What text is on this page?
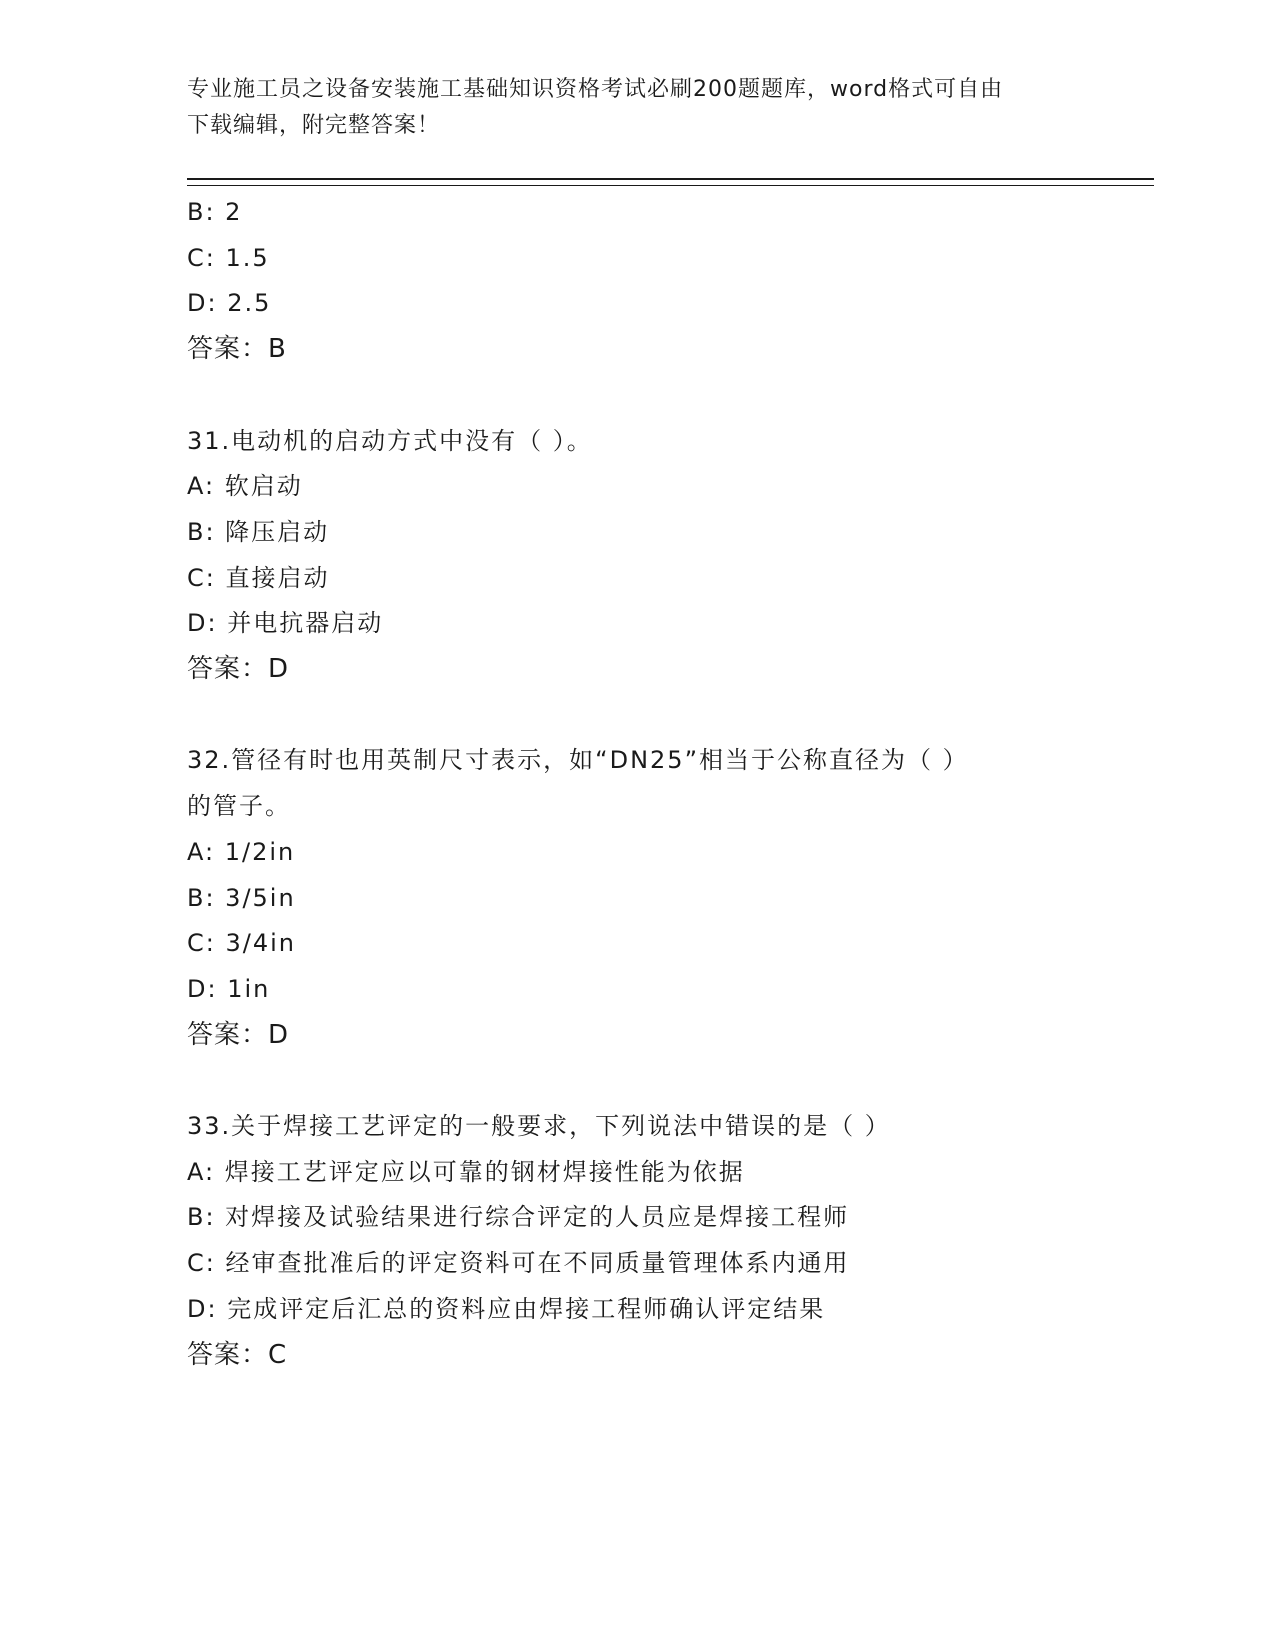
专业施工员之设备安装施工基础知识资格考试必刷200题题库，word格式可自由
下载编辑，附完整答案！
B: 2
C: 1.5
D: 2.5
答案：B
31.电动机的启动方式中没有（ ）。
A: 软启动
B: 降压启动
C: 直接启动
D: 并电抗器启动
答案：D
32.管径有时也用英制尺寸表示，如“DN25”相当于公称直径为（ ）
的管子。
A: 1/2in
B: 3/5in
C: 3/4in
D: 1in
答案：D
33.关于焊接工艺评定的一般要求，下列说法中错误的是（ ）
A: 焊接工艺评定应以可靠的钢材焊接性能为依据
B: 对焊接及试验结果进行综合评定的人员应是焊接工程师
C: 经审查批准后的评定资料可在不同质量管理体系内通用
D: 完成评定后汇总的资料应由焊接工程师确认评定结果
答案：C
